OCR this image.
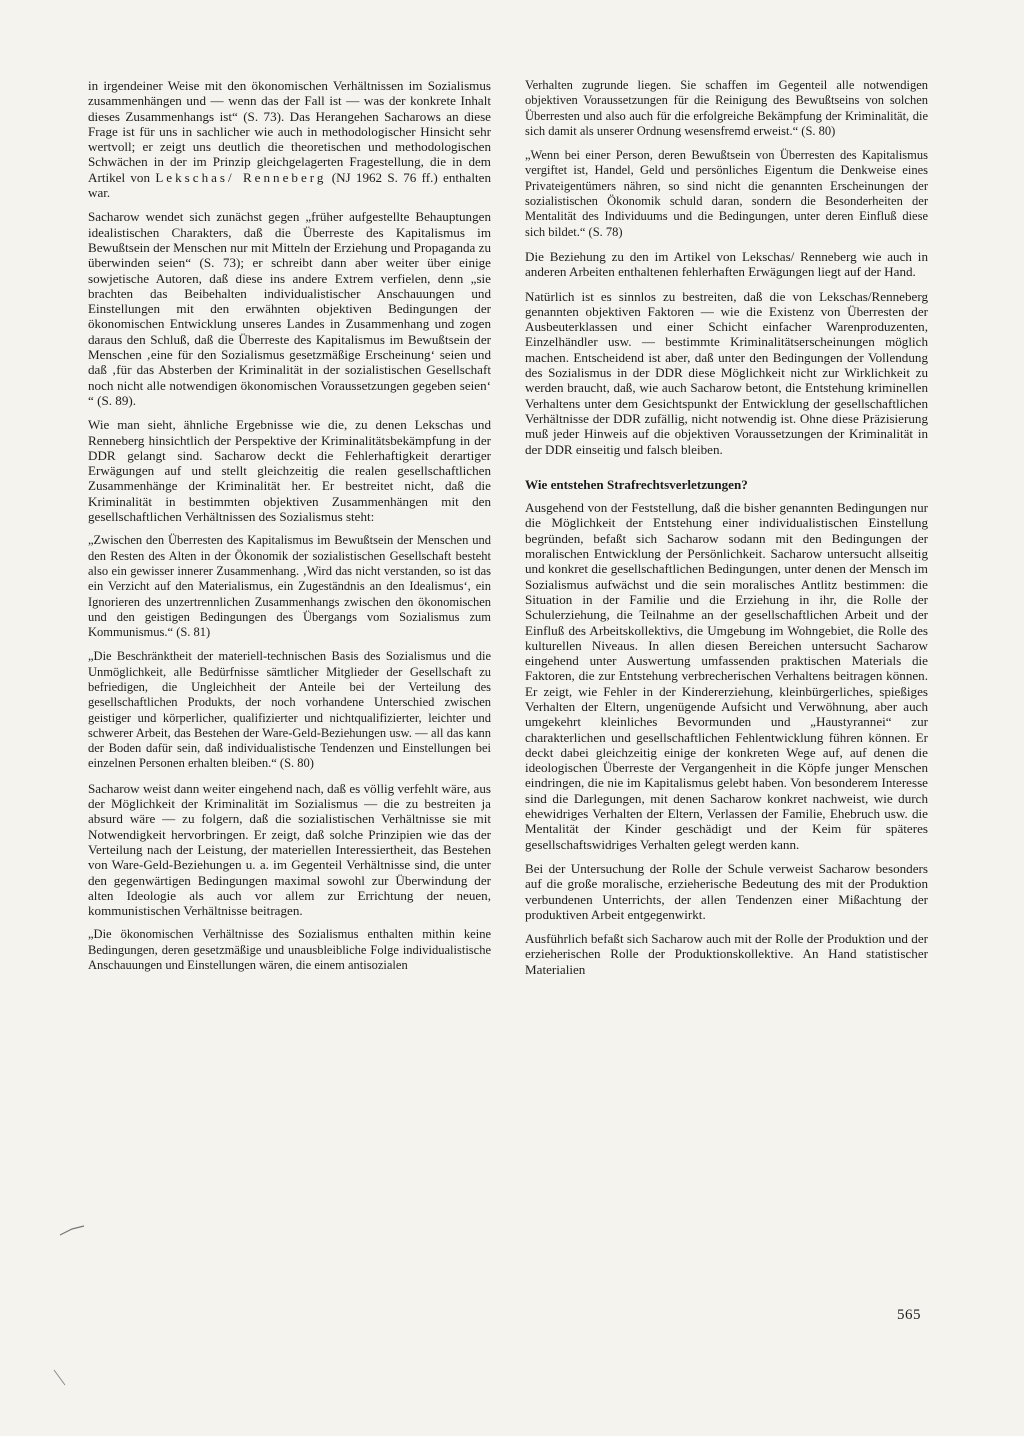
in irgendeiner Weise mit den ökonomischen Verhältnissen im Sozialismus zusammenhängen und — wenn das der Fall ist — was der konkrete Inhalt dieses Zusammenhangs ist“ (S. 73). Das Herangehen Sacharows an diese Frage ist für uns in sachlicher wie auch in methodologischer Hinsicht sehr wertvoll; er zeigt uns deutlich die theoretischen und methodologischen Schwächen in der im Prinzip gleichgelagerten Fragestellung, die in dem Artikel von Lekschas/ Renneberg (NJ 1962 S. 76 ff.) enthalten war.

Sacharow wendet sich zunächst gegen „früher aufgestellte Behauptungen idealistischen Charakters, daß die Überreste des Kapitalismus im Bewußtsein der Menschen nur mit Mitteln der Erziehung und Propaganda zu überwinden seien“ (S. 73); er schreibt dann aber weiter über einige sowjetische Autoren, daß diese ins andere Extrem verfielen, denn „sie brachten das Beibehalten individualistischer Anschauungen und Einstellungen mit den erwähnten objektiven Bedingungen der ökonomischen Entwicklung unseres Landes in Zusammenhang und zogen daraus den Schluß, daß die Überreste des Kapitalismus im Bewußtsein der Menschen ‚eine für den Sozialismus gesetzmäßige Erscheinung‘ seien und daß ‚für das Absterben der Kriminalität in der sozialistischen Gesellschaft noch nicht alle notwendigen ökonomischen Voraussetzungen gegeben seien‘ “ (S. 89).

Wie man sieht, ähnliche Ergebnisse wie die, zu denen Lekschas und Renneberg hinsichtlich der Perspektive der Kriminalitätsbekämpfung in der DDR gelangt sind. Sacharow deckt die Fehlerhaftigkeit derartiger Erwägungen auf und stellt gleichzeitig die realen gesellschaftlichen Zusammenhänge der Kriminalität her. Er bestreitet nicht, daß die Kriminalität in bestimmten objektiven Zusammenhängen mit den gesellschaftlichen Verhältnissen des Sozialismus steht:

„Zwischen den Überresten des Kapitalismus im Bewußtsein der Menschen und den Resten des Alten in der Ökonomik der sozialistischen Gesellschaft besteht also ein gewisser innerer Zusammenhang. ‚Wird das nicht verstanden, so ist das ein Verzicht auf den Materialismus, ein Zugeständnis an den Idealismus‘, ein Ignorieren des unzertrennlichen Zusammenhangs zwischen den ökonomischen und den geistigen Bedingungen des Übergangs vom Sozialismus zum Kommunismus.“ (S. 81)

„Die Beschränktheit der materiell-technischen Basis des Sozialismus und die Unmöglichkeit, alle Bedürfnisse sämtlicher Mitglieder der Gesellschaft zu befriedigen, die Ungleichheit der Anteile bei der Verteilung des gesellschaftlichen Produkts, der noch vorhandene Unterschied zwischen geistiger und körperlicher, qualifizierter und nichtqualifizierter, leichter und schwerer Arbeit, das Bestehen der Ware-Geld-Beziehungen usw. — all das kann der Boden dafür sein, daß individualistische Tendenzen und Einstellungen bei einzelnen Personen erhalten bleiben.“ (S. 80)

Sacharow weist dann weiter eingehend nach, daß es völlig verfehlt wäre, aus der Möglichkeit der Kriminalität im Sozialismus — die zu bestreiten ja absurd wäre — zu folgern, daß die sozialistischen Verhältnisse sie mit Notwendigkeit hervorbringen. Er zeigt, daß solche Prinzipien wie das der Verteilung nach der Leistung, der materiellen Interessiertheit, das Bestehen von Ware-Geld-Beziehungen u. a. im Gegenteil Verhältnisse sind, die unter den gegenwärtigen Bedingungen maximal sowohl zur Überwindung der alten Ideologie als auch vor allem zur Errichtung der neuen, kommunistischen Verhältnisse beitragen.

„Die ökonomischen Verhältnisse des Sozialismus enthalten mithin keine Bedingungen, deren gesetzmäßige und unausbleibliche Folge individualistische Anschauungen und Einstellungen wären, die einem antisozialen

Verhalten zugrunde liegen. Sie schaffen im Gegenteil alle notwendigen objektiven Voraussetzungen für die Reinigung des Bewußtseins von solchen Überresten und also auch für die erfolgreiche Bekämpfung der Kriminalität, die sich damit als unserer Ordnung wesensfremd erweist.“ (S. 80)

„Wenn bei einer Person, deren Bewußtsein von Überresten des Kapitalismus vergiftet ist, Handel, Geld und persönliches Eigentum die Denkweise eines Privateigentümers nähren, so sind nicht die genannten Erscheinungen der sozialistischen Ökonomik schuld daran, sondern die Besonderheiten der Mentalität des Individuums und die Bedingungen, unter deren Einfluß diese sich bildet.“ (S. 78)

Die Beziehung zu den im Artikel von Lekschas/ Renneberg wie auch in anderen Arbeiten enthaltenen fehlerhaften Erwägungen liegt auf der Hand.

Natürlich ist es sinnlos zu bestreiten, daß die von Lekschas/Renneberg genannten objektiven Faktoren — wie die Existenz von Überresten der Ausbeuterklassen und einer Schicht einfacher Warenproduzenten, Einzelhändler usw. — bestimmte Kriminalitätserscheinungen möglich machen. Entscheidend ist aber, daß unter den Bedingungen der Vollendung des Sozialismus in der DDR diese Möglichkeit nicht zur Wirklichkeit zu werden braucht, daß, wie auch Sacharow betont, die Entstehung kriminellen Verhaltens unter dem Gesichtspunkt der Entwicklung der gesellschaftlichen Verhältnisse der DDR zufällig, nicht notwendig ist. Ohne diese Präzisierung muß jeder Hinweis auf die objektiven Voraussetzungen der Kriminalität in der DDR einseitig und falsch bleiben.

Wie entstehen Strafrechtsverletzungen?

Ausgehend von der Feststellung, daß die bisher genannten Bedingungen nur die Möglichkeit der Entstehung einer individualistischen Einstellung begründen, befaßt sich Sacharow sodann mit den Bedingungen der moralischen Entwicklung der Persönlichkeit. Sacharow untersucht allseitig und konkret die gesellschaftlichen Bedingungen, unter denen der Mensch im Sozialismus aufwächst und die sein moralisches Antlitz bestimmen: die Situation in der Familie und die Erziehung in ihr, die Rolle der Schulerziehung, die Teilnahme an der gesellschaftlichen Arbeit und der Einfluß des Arbeitskollektivs, die Umgebung im Wohngebiet, die Rolle des kulturellen Niveaus. In allen diesen Bereichen untersucht Sacharow eingehend unter Auswertung umfassenden praktischen Materials die Faktoren, die zur Entstehung verbrecherischen Verhaltens beitragen können. Er zeigt, wie Fehler in der Kindererziehung, kleinbürgerliches, spießiges Verhalten der Eltern, ungenügende Aufsicht und Verwöhnung, aber auch umgekehrt kleinliches Bevormunden und „Haustyrannei“ zur charakterlichen und gesellschaftlichen Fehlentwicklung führen können. Er deckt dabei gleichzeitig einige der konkreten Wege auf, auf denen die ideologischen Überreste der Vergangenheit in die Köpfe junger Menschen eindringen, die nie im Kapitalismus gelebt haben. Von besonderem Interesse sind die Darlegungen, mit denen Sacharow konkret nachweist, wie durch ehewidriges Verhalten der Eltern, Verlassen der Familie, Ehebruch usw. die Mentalität der Kinder geschädigt und der Keim für späteres gesellschaftswidriges Verhalten gelegt werden kann.

Bei der Untersuchung der Rolle der Schule verweist Sacharow besonders auf die große moralische, erzieherische Bedeutung des mit der Produktion verbundenen Unterrichts, der allen Tendenzen einer Mißachtung der produktiven Arbeit entgegenwirkt.

Ausführlich befaßt sich Sacharow auch mit der Rolle der Produktion und der erzieherischen Rolle der Produktionskollektive. An Hand statistischer Materialien

565
